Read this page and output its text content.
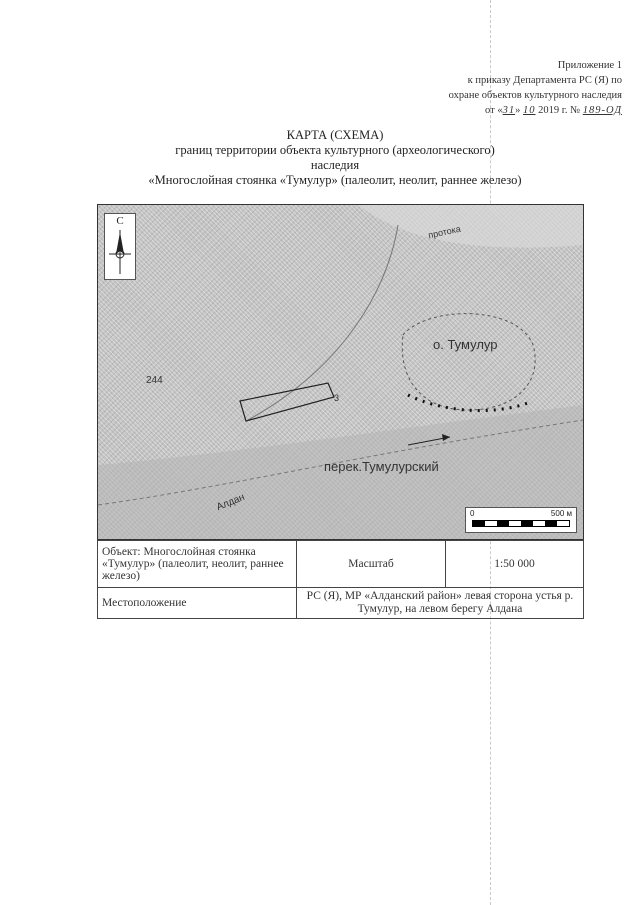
Приложение 1
к приказу Департамента РС (Я) по
охране объектов культурного наследия
от «31» 10 2019 г. № 189-ОД
КАРТА (СХЕМА)
границ территории объекта культурного (археологического)
наследия
«Многослойная стоянка «Тумулур» (палеолит, неолит, раннее железо)
С
о. Тумулур
протока
перек.Тумулурский
244
Алдан
3
0	500 м
Объект: Многослойная стоянка «Тумулур» (палеолит, неолит, раннее железо)	Масштаб	1:50 000
Местоположение	РС (Я), МР «Алданский район» левая сторона устья р. Тумулур, на левом берегу Алдана	
